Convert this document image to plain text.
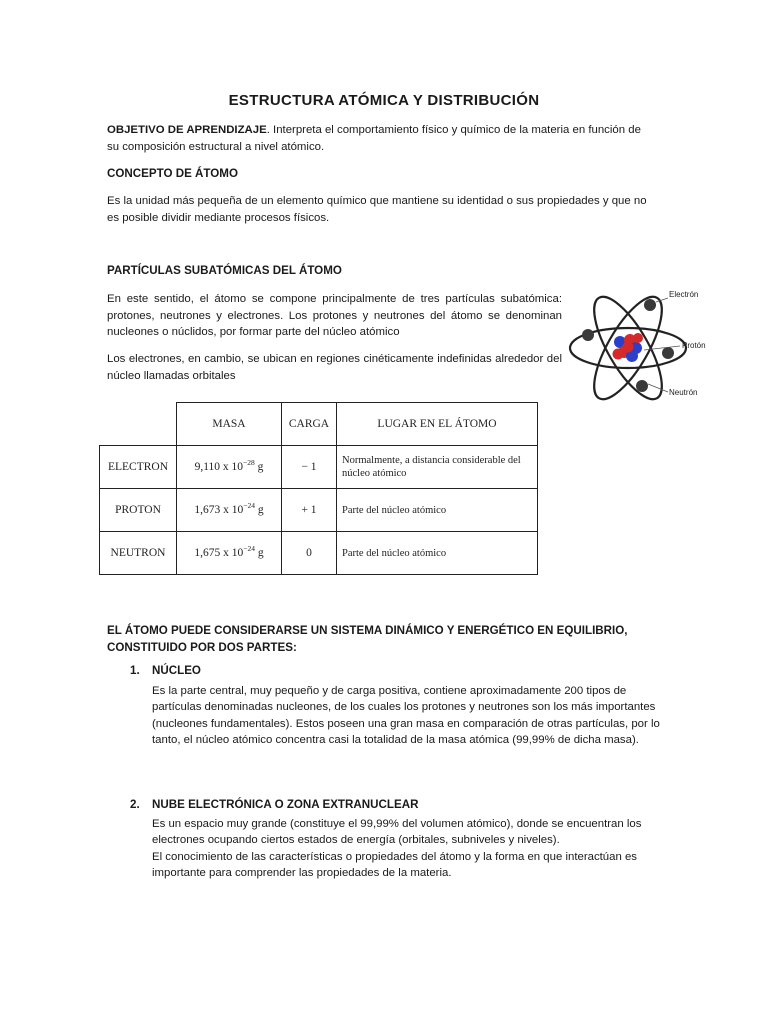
ESTRUCTURA ATÓMICA Y DISTRIBUCIÓN

OBJETIVO DE APRENDIZAJE. Interpreta el comportamiento físico y químico de la materia en función de su composición estructural a nivel atómico.

CONCEPTO DE ÁTOMO

Es la unidad más pequeña de un elemento químico que mantiene su identidad o sus propiedades y que no es posible dividir mediante procesos físicos.

PARTÍCULAS SUBATÓMICAS DEL ÁTOMO

En este sentido, el átomo se compone principalmente de tres partículas subatómica: protones, neutrones y electrones. Los protones y neutrones del átomo se denominan nucleones o núclidos, por formar parte del núcleo atómico

Los electrones, en cambio, se ubican en regiones cinéticamente indefinidas alrededor del núcleo llamadas orbitales

Electrón
Protón
Neutrón
	MASA	CARGA	LUGAR EN EL ÁTOMO
ELECTRON	9,110 x $10^{-28}$ g	− 1	Normalmente, a distancia considerable del núcleo atómico
PROTON	1,673 x $10^{-24}$ g	+ 1	Parte del núcleo atómico
NEUTRON	1,675 x $10^{-24}$ g	0	Parte del núcleo atómico

EL ÁTOMO PUEDE CONSIDERARSE UN SISTEMA DINÁMICO Y ENERGÉTICO EN EQUILIBRIO, CONSTITUIDO POR DOS PARTES:

1. NÚCLEO

Es la parte central, muy pequeño y de carga positiva, contiene aproximadamente 200 tipos de partículas denominadas nucleones, de los cuales los protones y neutrones son los más importantes (nucleones fundamentales). Estos poseen una gran masa en comparación de otras partículas, por lo tanto, el núcleo atómico concentra casi la totalidad de la masa atómica (99,99% de dicha masa).

2. NUBE ELECTRÓNICA O ZONA EXTRANUCLEAR

Es un espacio muy grande (constituye el 99,99% del volumen atómico), donde se encuentran los electrones ocupando ciertos estados de energía (orbitales, subniveles y niveles).

El conocimiento de las características o propiedades del átomo y la forma en que interactúan es importante para comprender las propiedades de la materia.
